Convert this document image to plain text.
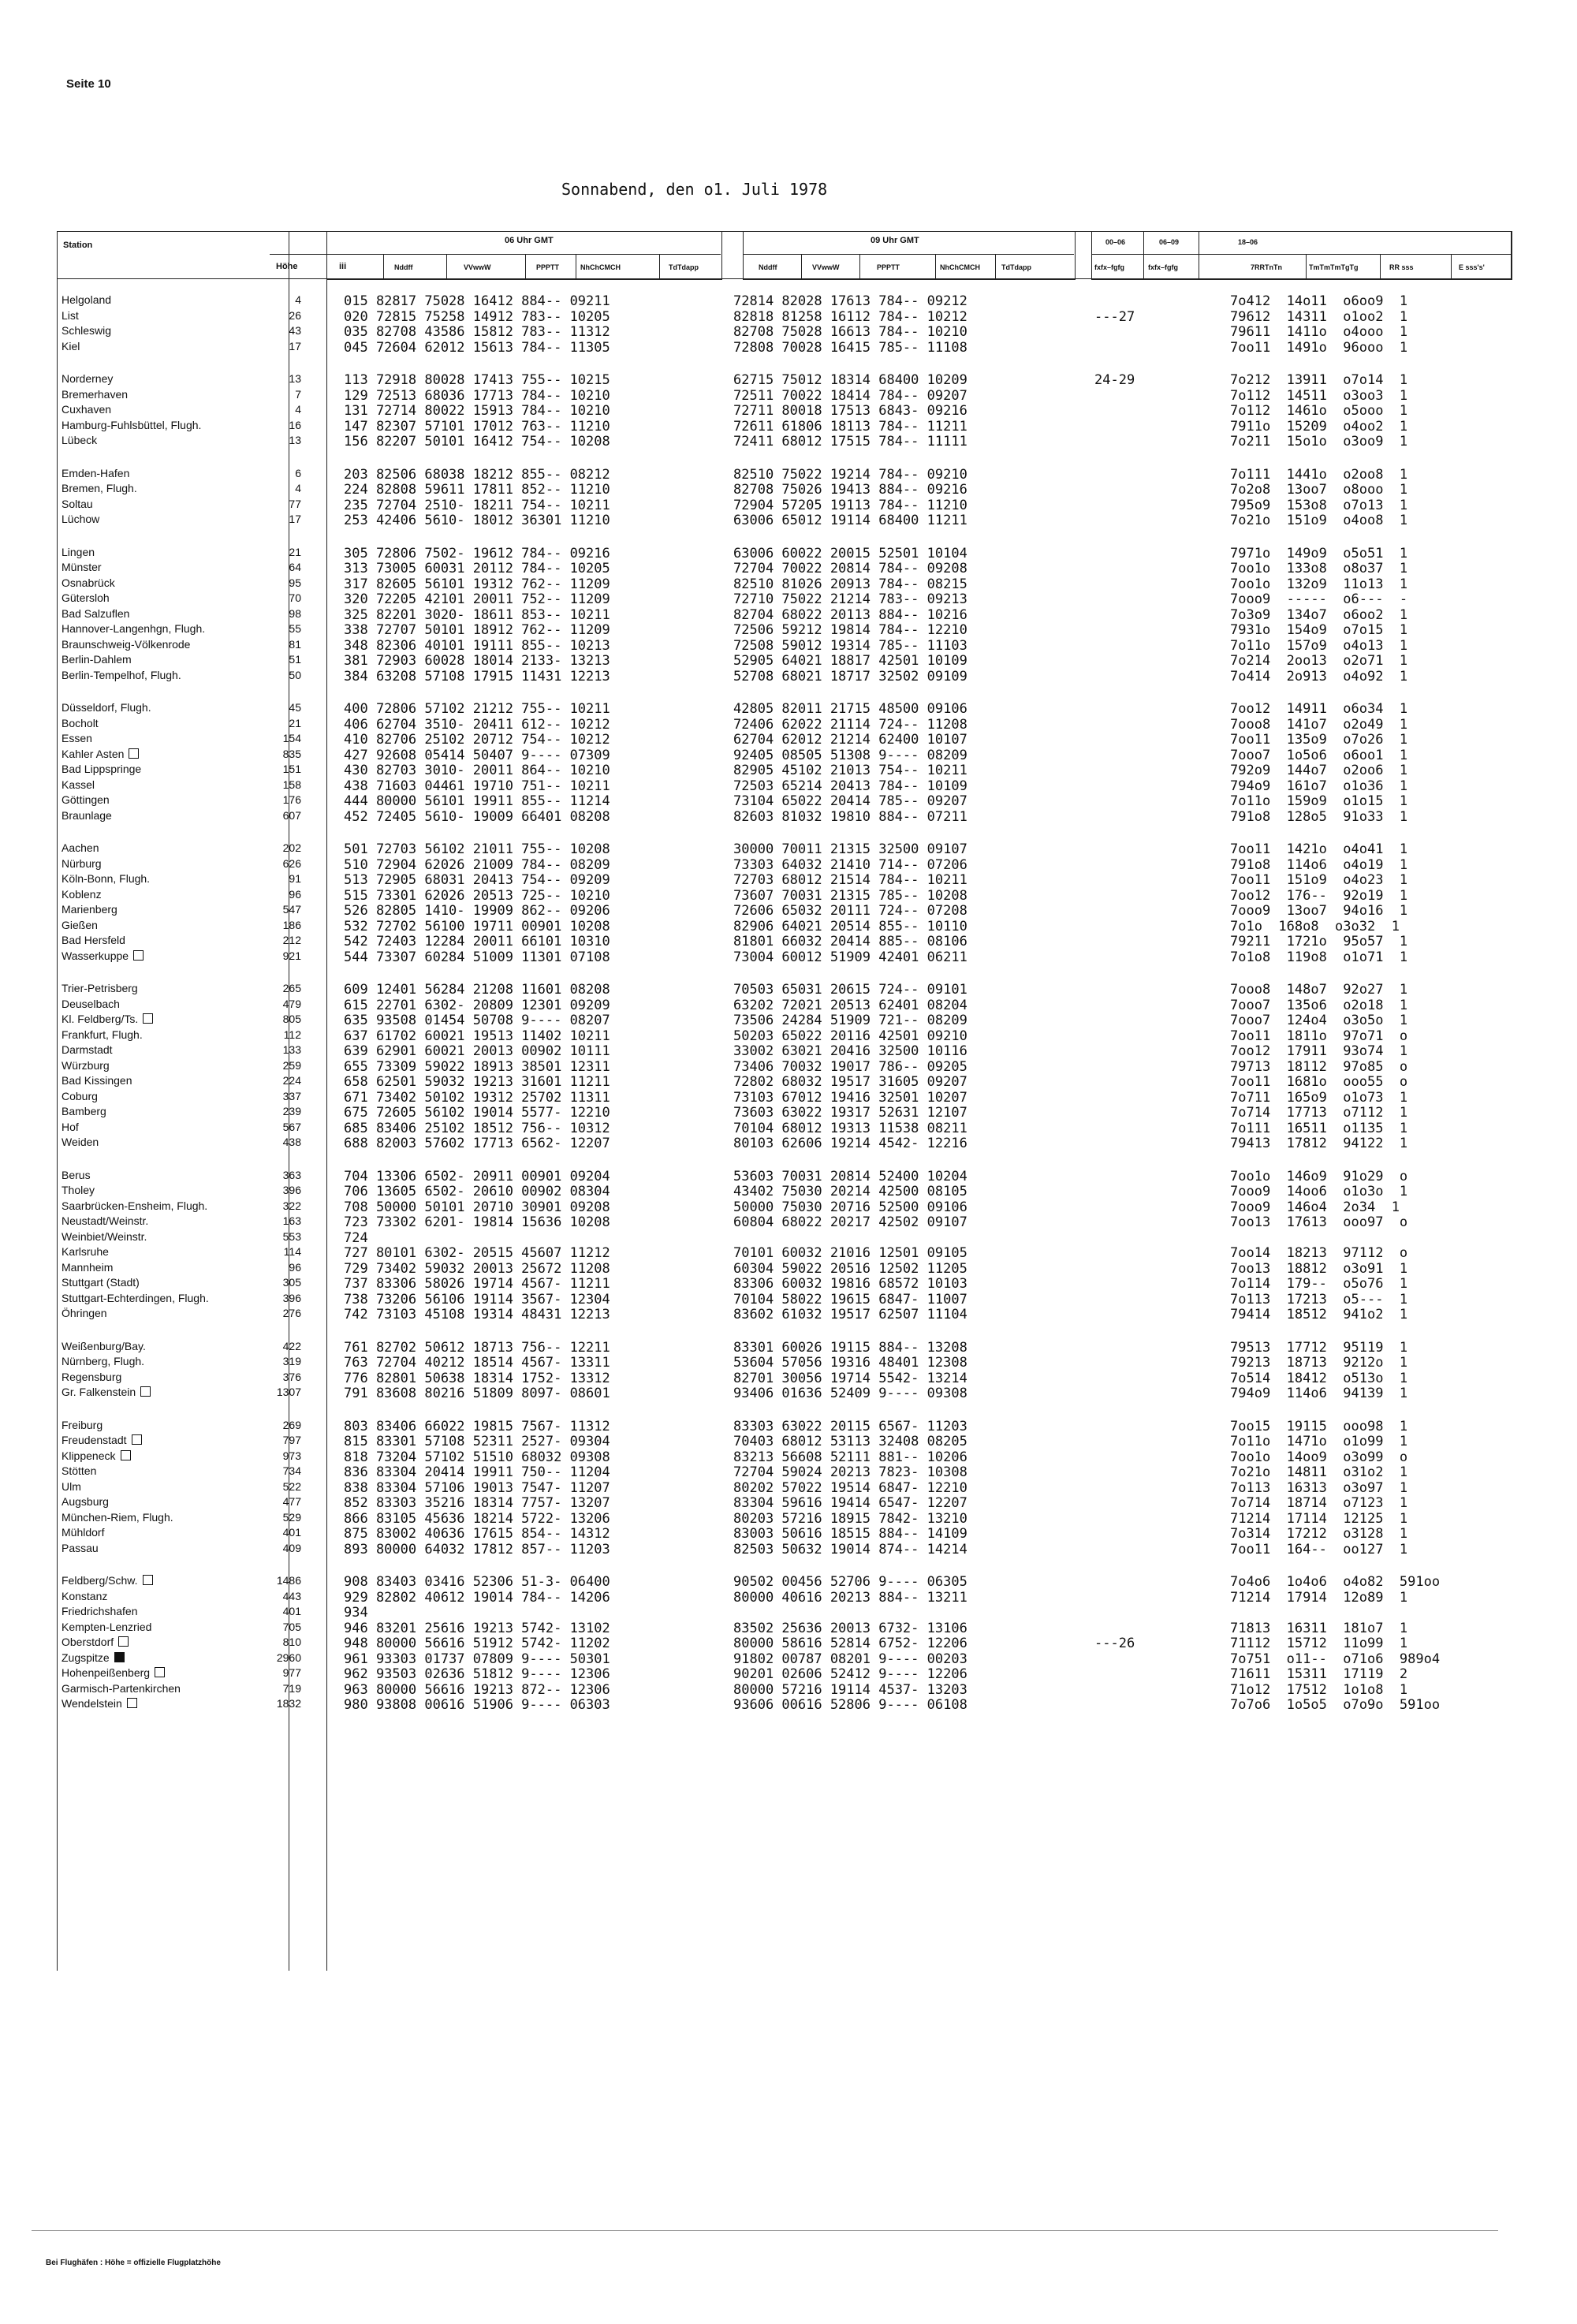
Seite 10
Sonnabend, den o1. Juli 1978
Station
Höhe	iii
06 Uhr GMT	09 Uhr GMT
Nddff	VVwwW	PPPTT	NhChCMCH	TdTdapp	Nddff	VVwwW	PPPTT	NhChCMCH	TdTdapp
00–06	06–09	18–06
fxfx–fgfg	fxfx–fgfg	7RRTnTn	TmTmTmTgTg	RR sss	E sss's'
Helgoland	4	015 82817 75028 16412 884-- 09211	72814 82028 17613 784-- 09212	7o412  14o11  o6oo9  1
List	26	020 72815 75258 14912 783-- 10205	82818 81258 16112 784-- 10212	---27	79612  14311  o1oo2  1
Schleswig	43	035 82708 43586 15812 783-- 11312	82708 75028 16613 784-- 10210	79611  1411o  o4ooo  1
Kiel	17	045 72604 62012 15613 784-- 11305	72808 70028 16415 785-- 11108	7oo11  1491o  96ooo  1
Norderney	13	113 72918 80028 17413 755-- 10215	62715 75012 18314 68400 10209	24-29	7o212  13911  o7o14  1
Bremerhaven	7	129 72513 68036 17713 784-- 10210	72511 70022 18414 784-- 09207	7o112  14511  o3oo3  1
Cuxhaven	4	131 72714 80022 15913 784-- 10210	72711 80018 17513 6843- 09216	7o112  1461o  o5ooo  1
Hamburg-Fuhlsbüttel, Flugh.	16	147 82307 57101 17012 763-- 11210	72611 61806 18113 784-- 11211	7911o  15209  o4oo2  1
Lübeck	13	156 82207 50101 16412 754-- 10208	72411 68012 17515 784-- 11111	7o211  15o1o  o3oo9  1
Emden-Hafen	6	203 82506 68038 18212 855-- 08212	82510 75022 19214 784-- 09210	7o111  1441o  o2oo8  1
Bremen, Flugh.	4	224 82808 59611 17811 852-- 11210	82708 75026 19413 884-- 09216	7o2o8  13oo7  o8ooo  1
Soltau	77	235 72704 2510- 18211 754-- 10211	72904 57205 19113 784-- 11210	795o9  153o8  o7o13  1
Lüchow	17	253 42406 5610- 18012 36301 11210	63006 65012 19114 68400 11211	7o21o  151o9  o4oo8  1
Lingen	21	305 72806 7502- 19612 784-- 09216	63006 60022 20015 52501 10104	7971o  149o9  o5o51  1
Münster	64	313 73005 60031 20112 784-- 10205	72704 70022 20814 784-- 09208	7oo1o  133o8  o8o37  1
Osnabrück	95	317 82605 56101 19312 762-- 11209	82510 81026 20913 784-- 08215	7oo1o  132o9  11o13  1
Gütersloh	70	320 72205 42101 20011 752-- 11209	72710 75022 21214 783-- 09213	7ooo9  -----  o6---  -
Bad Salzuflen	98	325 82201 3020- 18611 853-- 10211	82704 68022 20113 884-- 10216	7o3o9  134o7  o6oo2  1
Hannover-Langenhgn, Flugh.	55	338 72707 50101 18912 762-- 11209	72506 59212 19814 784-- 12210	7931o  154o9  o7o15  1
Braunschweig-Völkenrode	81	348 82306 40101 19111 855-- 10213	72508 59012 19314 785-- 11103	7o11o  157o9  o4o13  1
Berlin-Dahlem	51	381 72903 60028 18014 2133- 13213	52905 64021 18817 42501 10109	7o214  2oo13  o2o71  1
Berlin-Tempelhof, Flugh.	50	384 63208 57108 17915 11431 12213	52708 68021 18717 32502 09109	7o414  2o913  o4o92  1
Düsseldorf, Flugh.	45	400 72806 57102 21212 755-- 10211	42805 82011 21715 48500 09106	7oo12  14911  o6o34  1
Bocholt	21	406 62704 3510- 20411 612-- 10212	72406 62022 21114 724-- 11208	7ooo8  141o7  o2o49  1
Essen	154	410 82706 25102 20712 754-- 10212	62704 62012 21214 62400 10107	7oo11  135o9  o7o26  1
Kahler Asten	835	427 92608 05414 50407 9---- 07309	92405 08505 51308 9---- 08209	7ooo7  1o5o6  o6oo1  1
Bad Lippspringe	151	430 82703 3010- 20011 864-- 10210	82905 45102 21013 754-- 10211	792o9  144o7  o2oo6  1
Kassel	158	438 71603 04461 19710 751-- 10211	72503 65214 20413 784-- 10109	794o9  161o7  o1o36  1
Göttingen	176	444 80000 56101 19911 855-- 11214	73104 65022 20414 785-- 09207	7o11o  159o9  o1o15  1
Braunlage	607	452 72405 5610- 19009 66401 08208	82603 81032 19810 884-- 07211	791o8  128o5  91o33  1
Aachen	202	501 72703 56102 21011 755-- 10208	30000 70011 21315 32500 09107	7oo11  1421o  o4o41  1
Nürburg	626	510 72904 62026 21009 784-- 08209	73303 64032 21410 714-- 07206	791o8  114o6  o4o19  1
Köln-Bonn, Flugh.	91	513 72905 68031 20413 754-- 09209	72703 68012 21514 784-- 10211	7oo11  151o9  o4o23  1
Koblenz	96	515 73301 62026 20513 725-- 10210	73607 70031 21315 785-- 10208	7oo12  176--  92o19  1
Marienberg	547	526 82805 1410- 19909 862-- 09206	72606 65032 20111 724-- 07208	7ooo9  13oo7  94o16  1
Gießen	186	532 72702 56100 19711 00901 10208	82906 64021 20514 855-- 10110	7o1o  168o8  o3o32  1
Bad Hersfeld	212	542 72403 12284 20011 66101 10310	81801 66032 20414 885-- 08106	79211  1721o  95o57  1
Wasserkuppe	921	544 73307 60284 51009 11301 07108	73004 60012 51909 42401 06211	7o1o8  119o8  o1o71  1
Trier-Petrisberg	265	609 12401 56284 21208 11601 08208	70503 65031 20615 724-- 09101	7ooo8  148o7  92o27  1
Deuselbach	479	615 22701 6302- 20809 12301 09209	63202 72021 20513 62401 08204	7ooo7  135o6  o2o18  1
Kl. Feldberg/Ts.	805	635 93508 01454 50708 9---- 08207	73506 24284 51909 721-- 08209	7ooo7  124o4  o3o5o  1
Frankfurt, Flugh.	112	637 61702 60021 19513 11402 10211	50203 65022 20116 42501 09210	7oo11  1811o  97o71  o
Darmstadt	133	639 62901 60021 20013 00902 10111	33002 63021 20416 32500 10116	7oo12  17911  93o74  1
Würzburg	259	655 73309 59022 18913 38501 12311	73406 70032 19017 786-- 09205	79713  18112  97o85  o
Bad Kissingen	224	658 62501 59032 19213 31601 11211	72802 68032 19517 31605 09207	7oo11  1681o  ooo55  o
Coburg	337	671 73402 50102 19312 25702 11311	73103 67012 19416 32501 10207	7o711  165o9  o1o73  1
Bamberg	239	675 72605 56102 19014 5577- 12210	73603 63022 19317 52631 12107	7o714  17713  o7112  1
Hof	567	685 83406 25102 18512 756-- 10312	70104 68012 19313 11538 08211	7o111  16511  o1135  1
Weiden	438	688 82003 57602 17713 6562- 12207	80103 62606 19214 4542- 12216	79413  17812  94122  1
Berus	363	704 13306 6502- 20911 00901 09204	53603 70031 20814 52400 10204	7oo1o  146o9  91o29  o
Tholey	396	706 13605 6502- 20610 00902 08304	43402 75030 20214 42500 08105	7ooo9  14oo6  o1o3o  1
Saarbrücken-Ensheim, Flugh.	322	708 50000 50101 20710 30901 09208	50000 75030 20716 52500 09106	7ooo9  146o4  2o34  1
Neustadt/Weinstr.	163	723 73302 6201- 19814 15636 10208	60804 68022 20217 42502 09107	7oo13  17613  ooo97  o
Weinbiet/Weinstr.	553	724
Karlsruhe	114	727 80101 6302- 20515 45607 11212	70101 60032 21016 12501 09105	7oo14  18213  97112  o
Mannheim	96	729 73402 59032 20013 25672 11208	60304 59022 20516 12502 11205	7oo13  18812  o3o91  1
Stuttgart (Stadt)	305	737 83306 58026 19714 4567- 11211	83306 60032 19816 68572 10103	7o114  179--  o5o76  1
Stuttgart-Echterdingen, Flugh.	396	738 73206 56106 19114 3567- 12304	70104 58022 19615 6847- 11007	7o113  17213  o5---  1
Öhringen	276	742 73103 45108 19314 48431 12213	83602 61032 19517 62507 11104	79414  18512  941o2  1
Weißenburg/Bay.	422	761 82702 50612 18713 756-- 12211	83301 60026 19115 884-- 13208	79513  17712  95119  1
Nürnberg, Flugh.	319	763 72704 40212 18514 4567- 13311	53604 57056 19316 48401 12308	79213  18713  9212o  1
Regensburg	376	776 82801 50638 18314 1752- 13312	82701 30056 19714 5542- 13214	7o514  18412  o513o  1
Gr. Falkenstein	1307	791 83608 80216 51809 8097- 08601	93406 01636 52409 9---- 09308	794o9  114o6  94139  1
Freiburg	269	803 83406 66022 19815 7567- 11312	83303 63022 20115 6567- 11203	7oo15  19115  ooo98  1
Freudenstadt	797	815 83301 57108 52311 2527- 09304	70403 68012 53113 32408 08205	7o11o  1471o  o1o99  1
Klippeneck	973	818 73204 57102 51510 68032 09308	83213 56608 52111 881-- 10206	7oo1o  14oo9  o3o99  o
Stötten	734	836 83304 20414 19911 750-- 11204	72704 59024 20213 7823- 10308	7o21o  14811  o31o2  1
Ulm	522	838 83304 57106 19013 7547- 11207	80202 57022 19514 6847- 12210	7o113  16313  o3o97  1
Augsburg	477	852 83303 35216 18314 7757- 13207	83304 59616 19414 6547- 12207	7o714  18714  o7123  1
München-Riem, Flugh.	529	866 83105 45636 18214 5722- 13206	80203 57216 18915 7842- 13210	71214  17114  12125  1
Mühldorf	401	875 83002 40636 17615 854-- 14312	83003 50616 18515 884-- 14109	7o314  17212  o3128  1
Passau	409	893 80000 64032 17812 857-- 11203	82503 50632 19014 874-- 14214	7oo11  164--  oo127  1
Feldberg/Schw.	1486	908 83403 03416 52306 51-3- 06400	90502 00456 52706 9---- 06305	7o4o6  1o4o6  o4o82  591oo
Konstanz	443	929 82802 40612 19014 784-- 14206	80000 40616 20213 884-- 13211	71214  17914  12o89  1
Friedrichshafen	401	934
Kempten-Lenzried	705	946 83201 25616 19213 5742- 13102	83502 25636 20013 6732- 13106	71813  16311  181o7  1
Oberstdorf	810	948 80000 56616 51912 5742- 11202	80000 58616 52814 6752- 12206	---26	71112  15712  11o99  1
Zugspitze	2960	961 93303 01737 07809 9---- 50301	91802 00787 08201 9---- 00203	7o751  o11--  o71o6  989o4
Hohenpeißenberg	977	962 93503 02636 51812 9---- 12306	90201 02606 52412 9---- 12206	71611  15311  17119  2
Garmisch-Partenkirchen	719	963 80000 56616 19213 872-- 12306	80000 57216 19114 4537- 13203	71o12  17512  1o1o8  1
Wendelstein	1832	980 93808 00616 51906 9---- 06303	93606 00616 52806 9---- 06108	7o7o6  1o5o5  o7o9o  591oo
Bei Flughäfen : Höhe = offizielle Flugplatzhöhe
